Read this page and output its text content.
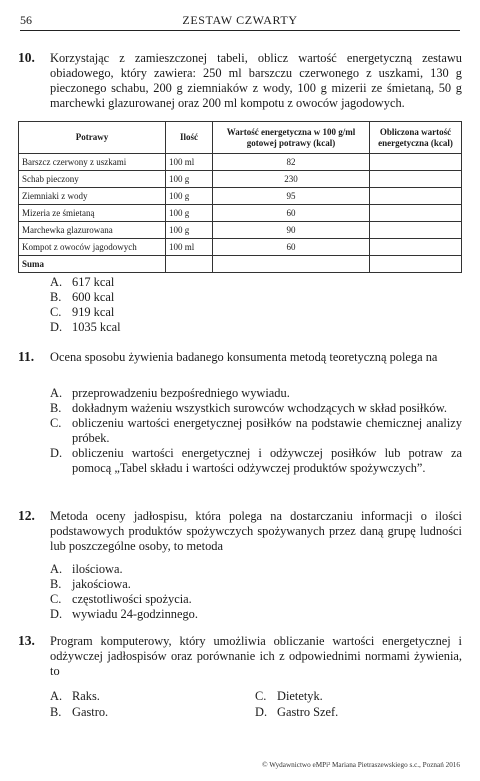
56	ZESTAW CZWARTY
10. Korzystając z zamieszczonej tabeli, oblicz wartość energetyczną zestawu obiadowego, który zawiera: 250 ml barszczu czerwonego z uszkami, 130 g pieczonego schabu, 200 g ziemniaków z wody, 100 g mizerii ze śmietaną, 50 g marchewki glazurowanej oraz 200 ml kompotu z owoców jagodowych.
Potrawy	Ilość	Wartość energetyczna w 100 g/ml gotowej potrawy (kcal)	Obliczona wartość energetyczna (kcal)
Barszcz czerwony z uszkami	100 ml	82	
Schab pieczony	100 g	230	
Ziemniaki z wody	100 g	95	
Mizeria ze śmietaną	100 g	60	
Marchewka glazurowana	100 g	90	
Kompot z owoców jagodowych	100 ml	60	
Suma			
A. 617 kcal
B. 600 kcal
C. 919 kcal
D. 1035 kcal
11. Ocena sposobu żywienia badanego konsumenta metodą teoretyczną polega na
A. przeprowadzeniu bezpośredniego wywiadu.
B. dokładnym ważeniu wszystkich surowców wchodzących w skład posiłków.
C. obliczeniu wartości energetycznej posiłków na podstawie chemicznej analizy próbek.
D. obliczeniu wartości energetycznej i odżywczej posiłków lub potraw za pomocą „Tabel składu i wartości odżywczej produktów spożywczych”.
12. Metoda oceny jadłospisu, która polega na dostarczaniu informacji o ilości podstawowych produktów spożywczych spożywanych przez daną grupę ludności lub poszczególne osoby, to metoda
A. ilościowa.
B. jakościowa.
C. częstotliwości spożycia.
D. wywiadu 24-godzinnego.
13. Program komputerowy, który umożliwia obliczanie wartości energetycznej i odżywczej jadłospisów oraz porównanie ich z odpowiednimi normami żywienia, to
A. Raks.
B. Gastro.
C. Dietetyk.
D. Gastro Szef.
© Wydawnictwo eMPi² Mariana Pietraszewskiego s.c., Poznań 2016
